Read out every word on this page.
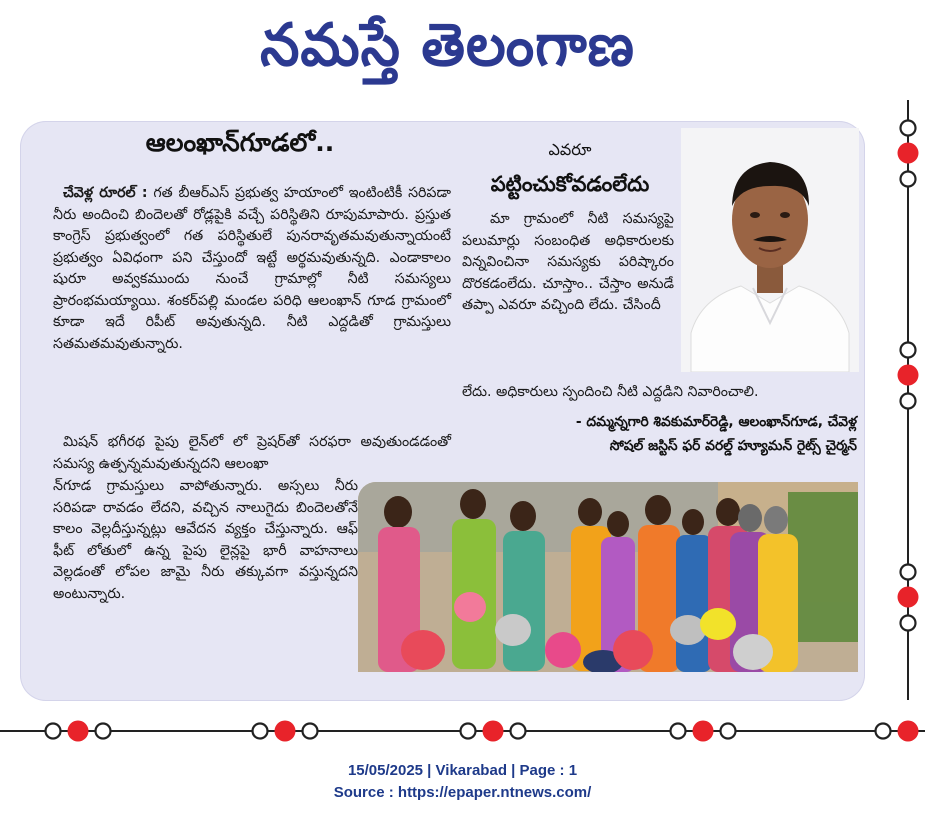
నమస్తే తెలంగాణ
ఆలంఖాన్‌గూడలో..

చేవెళ్ల రూరల్ : గత బీఆర్‌ఎస్ ప్రభుత్వ హయాంలో ఇంటింటికీ సరిపడా నీరు అందించి బిందెలతో రోడ్లపైకి వచ్చే పరిస్థితిని రూపుమాపారు. ప్రస్తుత కాంగ్రెస్ ప్రభుత్వంలో గత పరిస్థితులే పునరావృతమవుతున్నాయంటే ప్రభుత్వం ఏవిధంగా పని చేస్తుందో ఇట్టే అర్థమవుతున్నది. ఎండాకాలం షురూ అవ్వకముందు నుంచే గ్రామాల్లో నీటి సమస్యలు ప్రారంభమయ్యాయి. శంకర్‌పల్లి మండల పరిధి ఆలంఖాన్ గూడ గ్రామంలో కూడా ఇదే రిపీట్ అవుతున్నది. నీటి ఎద్దడితో గ్రామస్తులు సతమతమవుతున్నారు.

మిషన్ భగీరథ పైపు లైన్‌లో లో ప్రెషర్‌తో సరఫరా అవుతుండడంతో సమస్య ఉత్పన్నమవుతున్నదని ఆలంఖా
న్‌గూడ గ్రామస్తులు వాపోతున్నారు. అస్సలు నీరు సరిపడా రావడం లేదని, వచ్చిన నాలుగైదు బిందెలతోనే కాలం వెల్లదీస్తున్నట్లు ఆవేదన వ్యక్తం చేస్తున్నారు. ఆఫ్ ఫీట్ లోతులో ఉన్న పైపు లైన్లపై భారీ వాహనాలు వెల్లడంతో లోపల జామై నీరు తక్కువగా వస్తున్నదని అంటున్నారు.
ఎవరూ
పట్టించుకోవడంలేదు
మా గ్రామంలో నీటి సమస్యపై పలుమార్లు సంబంధిత అధికారులకు విన్నవించినా సమస్యకు పరిష్కారం దొరకడంలేదు. చూస్తాం.. చేస్తాం అనుడే తప్పా ఎవరూ వచ్చింది లేదు. చేసిందీ
లేదు. అధికారులు స్పందించి నీటి ఎద్దడిని నివారించాలి.
- దమ్మన్నగారి శివకుమార్‌రెడ్డి, ఆలంఖాన్‌గూడ, చేవెళ్ల
సోషల్ జస్టిస్ ఫర్ వరల్డ్ హ్యూమన్ రైట్స్ చైర్మన్
15/05/2025 | Vikarabad | Page : 1
Source : https://epaper.ntnews.com/
